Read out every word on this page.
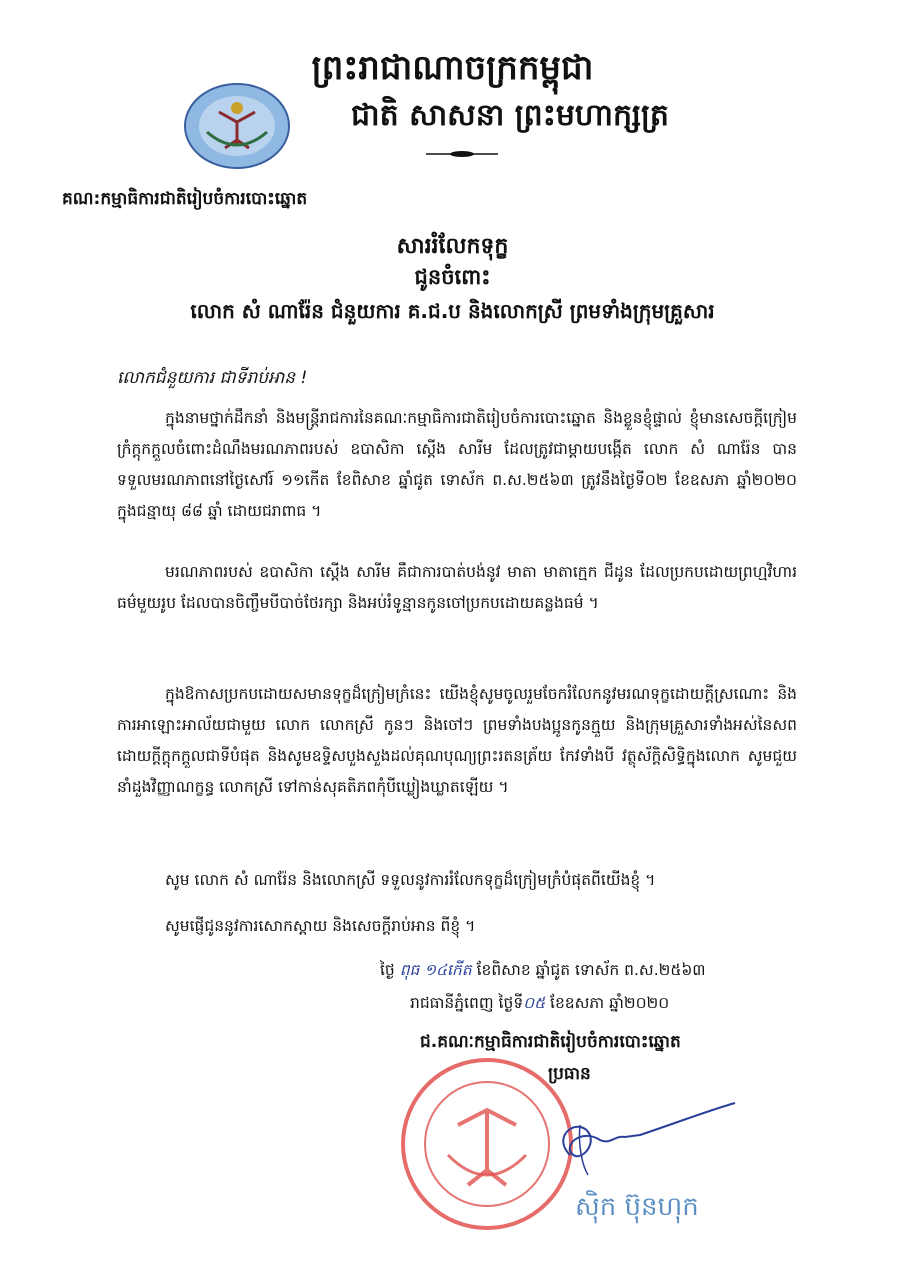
ព្រះរាជាណាចក្រកម្ពុជា
ជាតិ សាសនា ព្រះមហាក្សត្រ
គណ:កម្មាធិការជាតិរៀបចំការបោះឆ្នោត
សាររំលែកទុក្ខ
ជូនចំពោះ
លោក សំ ណារ៉ែន ជំនួយការ គ.ជ.ប និងលោកស្រី ព្រមទាំងក្រុមគ្រួសារ
លោកជំនួយការ ជាទីរាប់អាន !
ក្នុងនាមថ្នាក់ដឹកនាំ និងមន្ត្រីរាជការនៃគណៈកម្មាធិការជាតិរៀបចំការបោះឆ្នោត និងខ្លួនខ្ញុំផ្ទាល់ ខ្ញុំមានសេចក្តីក្រៀមក្រំក្តុកក្តួលចំពោះដំណឹងមរណភាពរបស់ ឧបាសិកា ស្តើង សារីម ដែលត្រូវជាម្តាយបង្កើត លោក សំ ណារ៉ែន បានទទួលមរណភាពនៅថ្ងៃសៅរ៍ ១១កើត ខែពិសាខ ឆ្នាំជូត ទោស័ក ព.ស.២៥៦៣ ត្រូវនឹងថ្ងៃទី០២ ខែឧសភា ឆ្នាំ២០២០ ក្នុងជន្មាយុ ៨៨ ឆ្នាំ ដោយជរាពាធ ។
មរណភាពរបស់ ឧបាសិកា ស្តើង សារីម គឺជាការបាត់បង់នូវ មាតា មាតាក្មេក ជីដូន ដែលប្រកបដោយព្រហ្មវិហារធម៌មួយរូប ដែលបានចិញ្ចឹមបីបាច់ថែរក្សា និងអប់រំទូន្មានកូនចៅប្រកបដោយគន្លងធម៌ ។
ក្នុងឱកាសប្រកបដោយសមានទុក្ខដ៏ក្រៀមក្រំនេះ យើងខ្ញុំសូមចូលរួមចែករំលែកនូវមរណទុក្ខដោយក្តីស្រណោះ និងការអាឡោះអាល័យជាមួយ លោក លោកស្រី កូនៗ និងចៅៗ ព្រមទាំងបងប្អូនកូនក្មួយ និងក្រុមគ្រួសារទាំងអស់នៃសព ដោយក្តីក្តុកក្តួលជាទីបំផុត និងសូមឧទ្ទិសបួងសួងដល់គុណបុណ្យព្រះរតនត្រ័យ កែវទាំងបី វត្ថុស័ក្តិសិទ្ធិក្នុងលោក សូមជួយនាំដួងវិញ្ញាណក្ខន្ធ លោកស្រី ទៅកាន់សុគតិភពកុំបីឃ្លៀងឃ្លាតឡើយ ។
សូម លោក សំ ណារ៉ែន និងលោកស្រី ទទួលនូវការរំលែកទុក្ខដ៏ក្រៀមក្រំបំផុតពីយើងខ្ញុំ ។
សូមផ្ញើជូននូវការសោកស្តាយ និងសេចក្តីរាប់អាន ពីខ្ញុំ ។
ថ្ងៃ ពុធ ១៤កើត ខែពិសាខ ឆ្នាំជូត ទោស័ក ព.ស.២៥៦៣
រាជធានីភ្នំពេញ ថ្ងៃទី០៥ ខែឧសភា ឆ្នាំ២០២០
ជ.គណៈកម្មាធិការជាតិរៀបចំការបោះឆ្នោត
ប្រធាន
ស៊ិក ប៊ុនហុក
